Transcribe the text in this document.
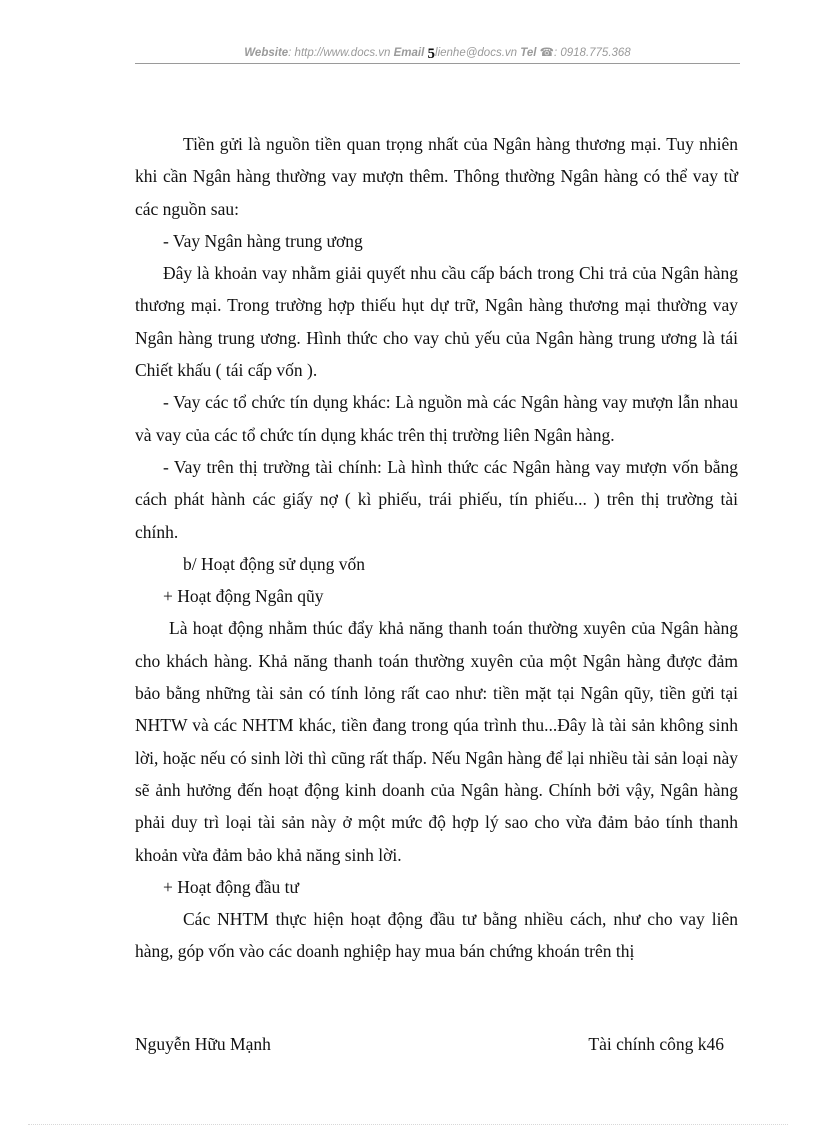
Website: http://www.docs.vn Email 5lienhe@docs.vn Tel ☎: 0918.775.368

Tiền gửi là nguồn tiền quan trọng nhất của Ngân hàng thương mại. Tuy nhiên khi cần Ngân hàng thường vay mượn thêm. Thông thường Ngân hàng có thể vay từ các nguồn sau:

- Vay Ngân hàng trung ương

Đây là khoản vay nhằm giải quyết nhu cầu cấp bách trong Chi trả của Ngân hàng thương mại. Trong trường hợp thiếu hụt dự trữ, Ngân hàng thương mại thường vay Ngân hàng trung ương. Hình thức cho vay chủ yếu của Ngân hàng trung ương là tái Chiết khấu ( tái cấp vốn ).

- Vay các tổ chức tín dụng khác: Là nguồn mà các Ngân hàng vay mượn lẫn nhau và vay của các tổ chức tín dụng khác trên thị trường liên Ngân hàng.

- Vay trên thị trường tài chính: Là hình thức các Ngân hàng vay mượn vốn bằng cách phát hành các giấy nợ ( kì phiếu, trái phiếu, tín phiếu... ) trên thị trường tài chính.

b/ Hoạt động sử dụng vốn

+ Hoạt động Ngân qũy

Là hoạt động nhằm thúc đẩy khả năng thanh toán thường xuyên của Ngân hàng cho khách hàng. Khả năng thanh toán thường xuyên của một Ngân hàng được đảm bảo bằng những tài sản có tính lỏng rất cao như: tiền mặt tại Ngân qũy, tiền gửi tại NHTW và các NHTM khác, tiền đang trong qúa trình thu...Đây là tài sản không sinh lời, hoặc nếu có sinh lời thì cũng rất thấp. Nếu Ngân hàng để lại nhiều tài sản loại này sẽ ảnh hưởng đến hoạt động kinh doanh của Ngân hàng. Chính bởi vậy, Ngân hàng phải duy trì loại tài sản này ở một mức độ hợp lý sao cho vừa đảm bảo tính thanh khoản vừa đảm bảo khả năng sinh lời.

+ Hoạt động đầu tư

Các NHTM thực hiện hoạt động đầu tư bằng nhiều cách, như cho vay liên hàng, góp vốn vào các doanh nghiệp hay mua bán chứng khoán trên thị

Nguyễn Hữu Mạnh	Tài chính công k46
